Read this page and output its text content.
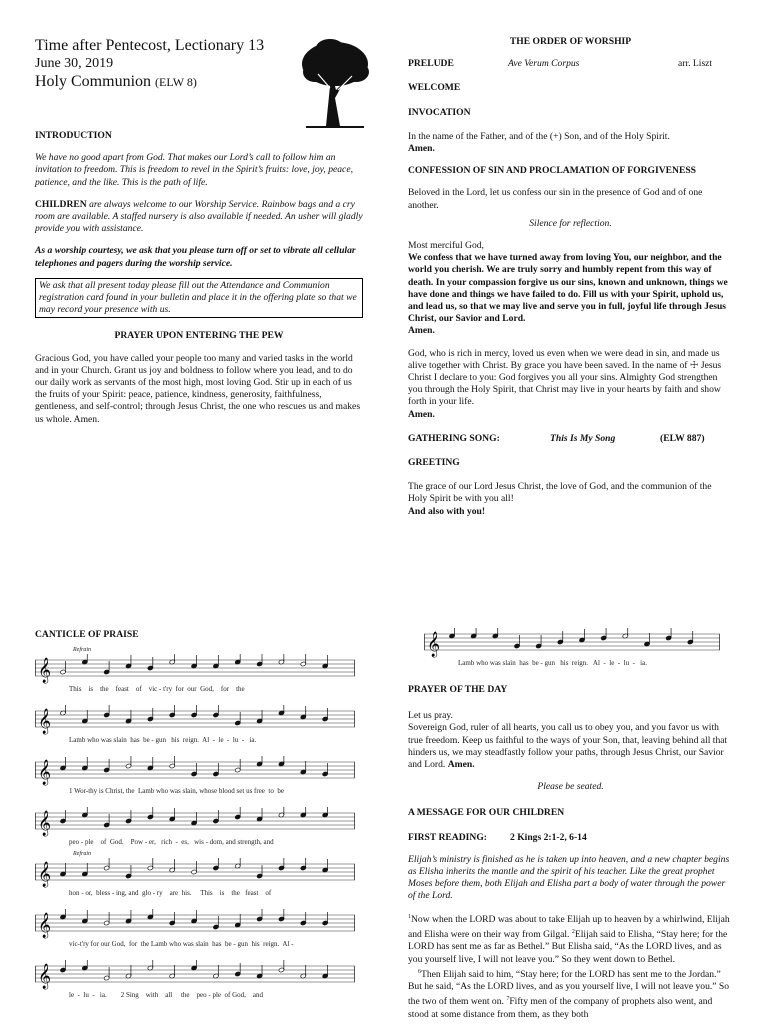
Time after Pentecost, Lectionary 13
June 30, 2019
Holy Communion (ELW 8)

INTRODUCTION

We have no good apart from God. That makes our Lord’s call to follow him an invitation to freedom. This is freedom to revel in the Spirit’s fruits: love, joy, peace, patience, and the like. This is the path of life.

CHILDREN are always welcome to our Worship Service. Rainbow bags and a cry room are available. A staffed nursery is also available if needed. An usher will gladly provide you with assistance.

As a worship courtesy, we ask that you please turn off or set to vibrate all cellular telephones and pagers during the worship service.

We ask that all present today please fill out the Attendance and Communion registration card found in your bulletin and place it in the offering plate so that we may record your presence with us.

PRAYER UPON ENTERING THE PEW

Gracious God, you have called your people too many and varied tasks in the world and in your Church. Grant us joy and boldness to follow where you lead, and to do our daily work as servants of the most high, most loving God. Stir up in each of us the fruits of your Spirit: peace, patience, kindness, generosity, faithfulness, gentleness, and self-control; through Jesus Christ, the one who rescues us and makes us whole. Amen.

THE ORDER OF WORSHIP

PRELUDE	Ave Verum Corpus	arr. Liszt

WELCOME

INVOCATION

In the name of the Father, and of the (+) Son, and of the Holy Spirit.

Amen.

CONFESSION OF SIN AND PROCLAMATION OF FORGIVENESS

Beloved in the Lord, let us confess our sin in the presence of God and of one another.

Silence for reflection.

Most merciful God,

We confess that we have turned away from loving You, our neighbor, and the world you cherish. We are truly sorry and humbly repent from this way of death. In your compassion forgive us our sins, known and unknown, things we have done and things we have failed to do. Fill us with your Spirit, uphold us, and lead us, so that we may live and serve you in full, joyful life through Jesus Christ, our Savior and Lord.

Amen.

God, who is rich in mercy, loved us even when we were dead in sin, and made us alive together with Christ. By grace you have been saved. In the name of ☩ Jesus Christ I declare to you: God forgives you all your sins. Almighty God strengthen you through the Holy Spirit, that Christ may live in your hearts by faith and show forth in your life.

Amen.

GATHERING SONG:	This Is My Song	(ELW 887)

GREETING

The grace of our Lord Jesus Christ, the love of God, and the communion of the Holy Spirit be with you all!

And also with you!

CANTICLE OF PRAISE

𝄞
Refrain
This    is    the    feast    of    vic - t'ry  for  our  God,    for    the
𝄞
Lamb who was slain  has  be - gun   his  reign.  Al  -  le  -  lu  -   ia.
𝄞
1 Wor-thy is Christ, the  Lamb who was slain, whose blood set us free  to  be
𝄞
peo - ple    of  God.    Pow - er,   rich  -  es,   wis - dom, and strength, and
𝄞
Refrain
hon - or,  bless - ing, and  glo - ry    are  his.     This    is    the   feast    of
𝄞
vic-t'ry for our God,  for  the Lamb who was slain  has  be - gun  his  reign.  Al -
𝄞
le  -  lu  -   ia.        2 Sing    with    all     the    peo - ple  of God,    and
𝄞
Lamb who was slain  has  be - gun   his  reign.   Al  -  le  -  lu  -   ia.

PRAYER OF THE DAY

Let us pray.

Sovereign God, ruler of all hearts, you call us to obey you, and you favor us with true freedom. Keep us faithful to the ways of your Son, that, leaving behind all that hinders us, we may steadfastly follow your paths, through Jesus Christ, our Savior and Lord. Amen.

Please be seated.

A MESSAGE FOR OUR CHILDREN

FIRST READING:	2 Kings 2:1-2, 6-14

Elijah’s ministry is finished as he is taken up into heaven, and a new chapter begins as Elisha inherits the mantle and the spirit of his teacher. Like the great prophet Moses before them, both Elijah and Elisha part a body of water through the power of the Lord.

$^1$Now when the LORD was about to take Elijah up to heaven by a whirlwind, Elijah and Elisha were on their way from Gilgal. $^2$Elijah said to Elisha, “Stay here; for the LORD has sent me as far as Bethel.” But Elisha said, “As the LORD lives, and as you yourself live, I will not leave you.” So they went down to Bethel.

$^6$Then Elijah said to him, “Stay here; for the LORD has sent me to the Jordan.” But he said, “As the LORD lives, and as you yourself live, I will not leave you.” So the two of them went on. $^7$Fifty men of the company of prophets also went, and stood at some distance from them, as they both
